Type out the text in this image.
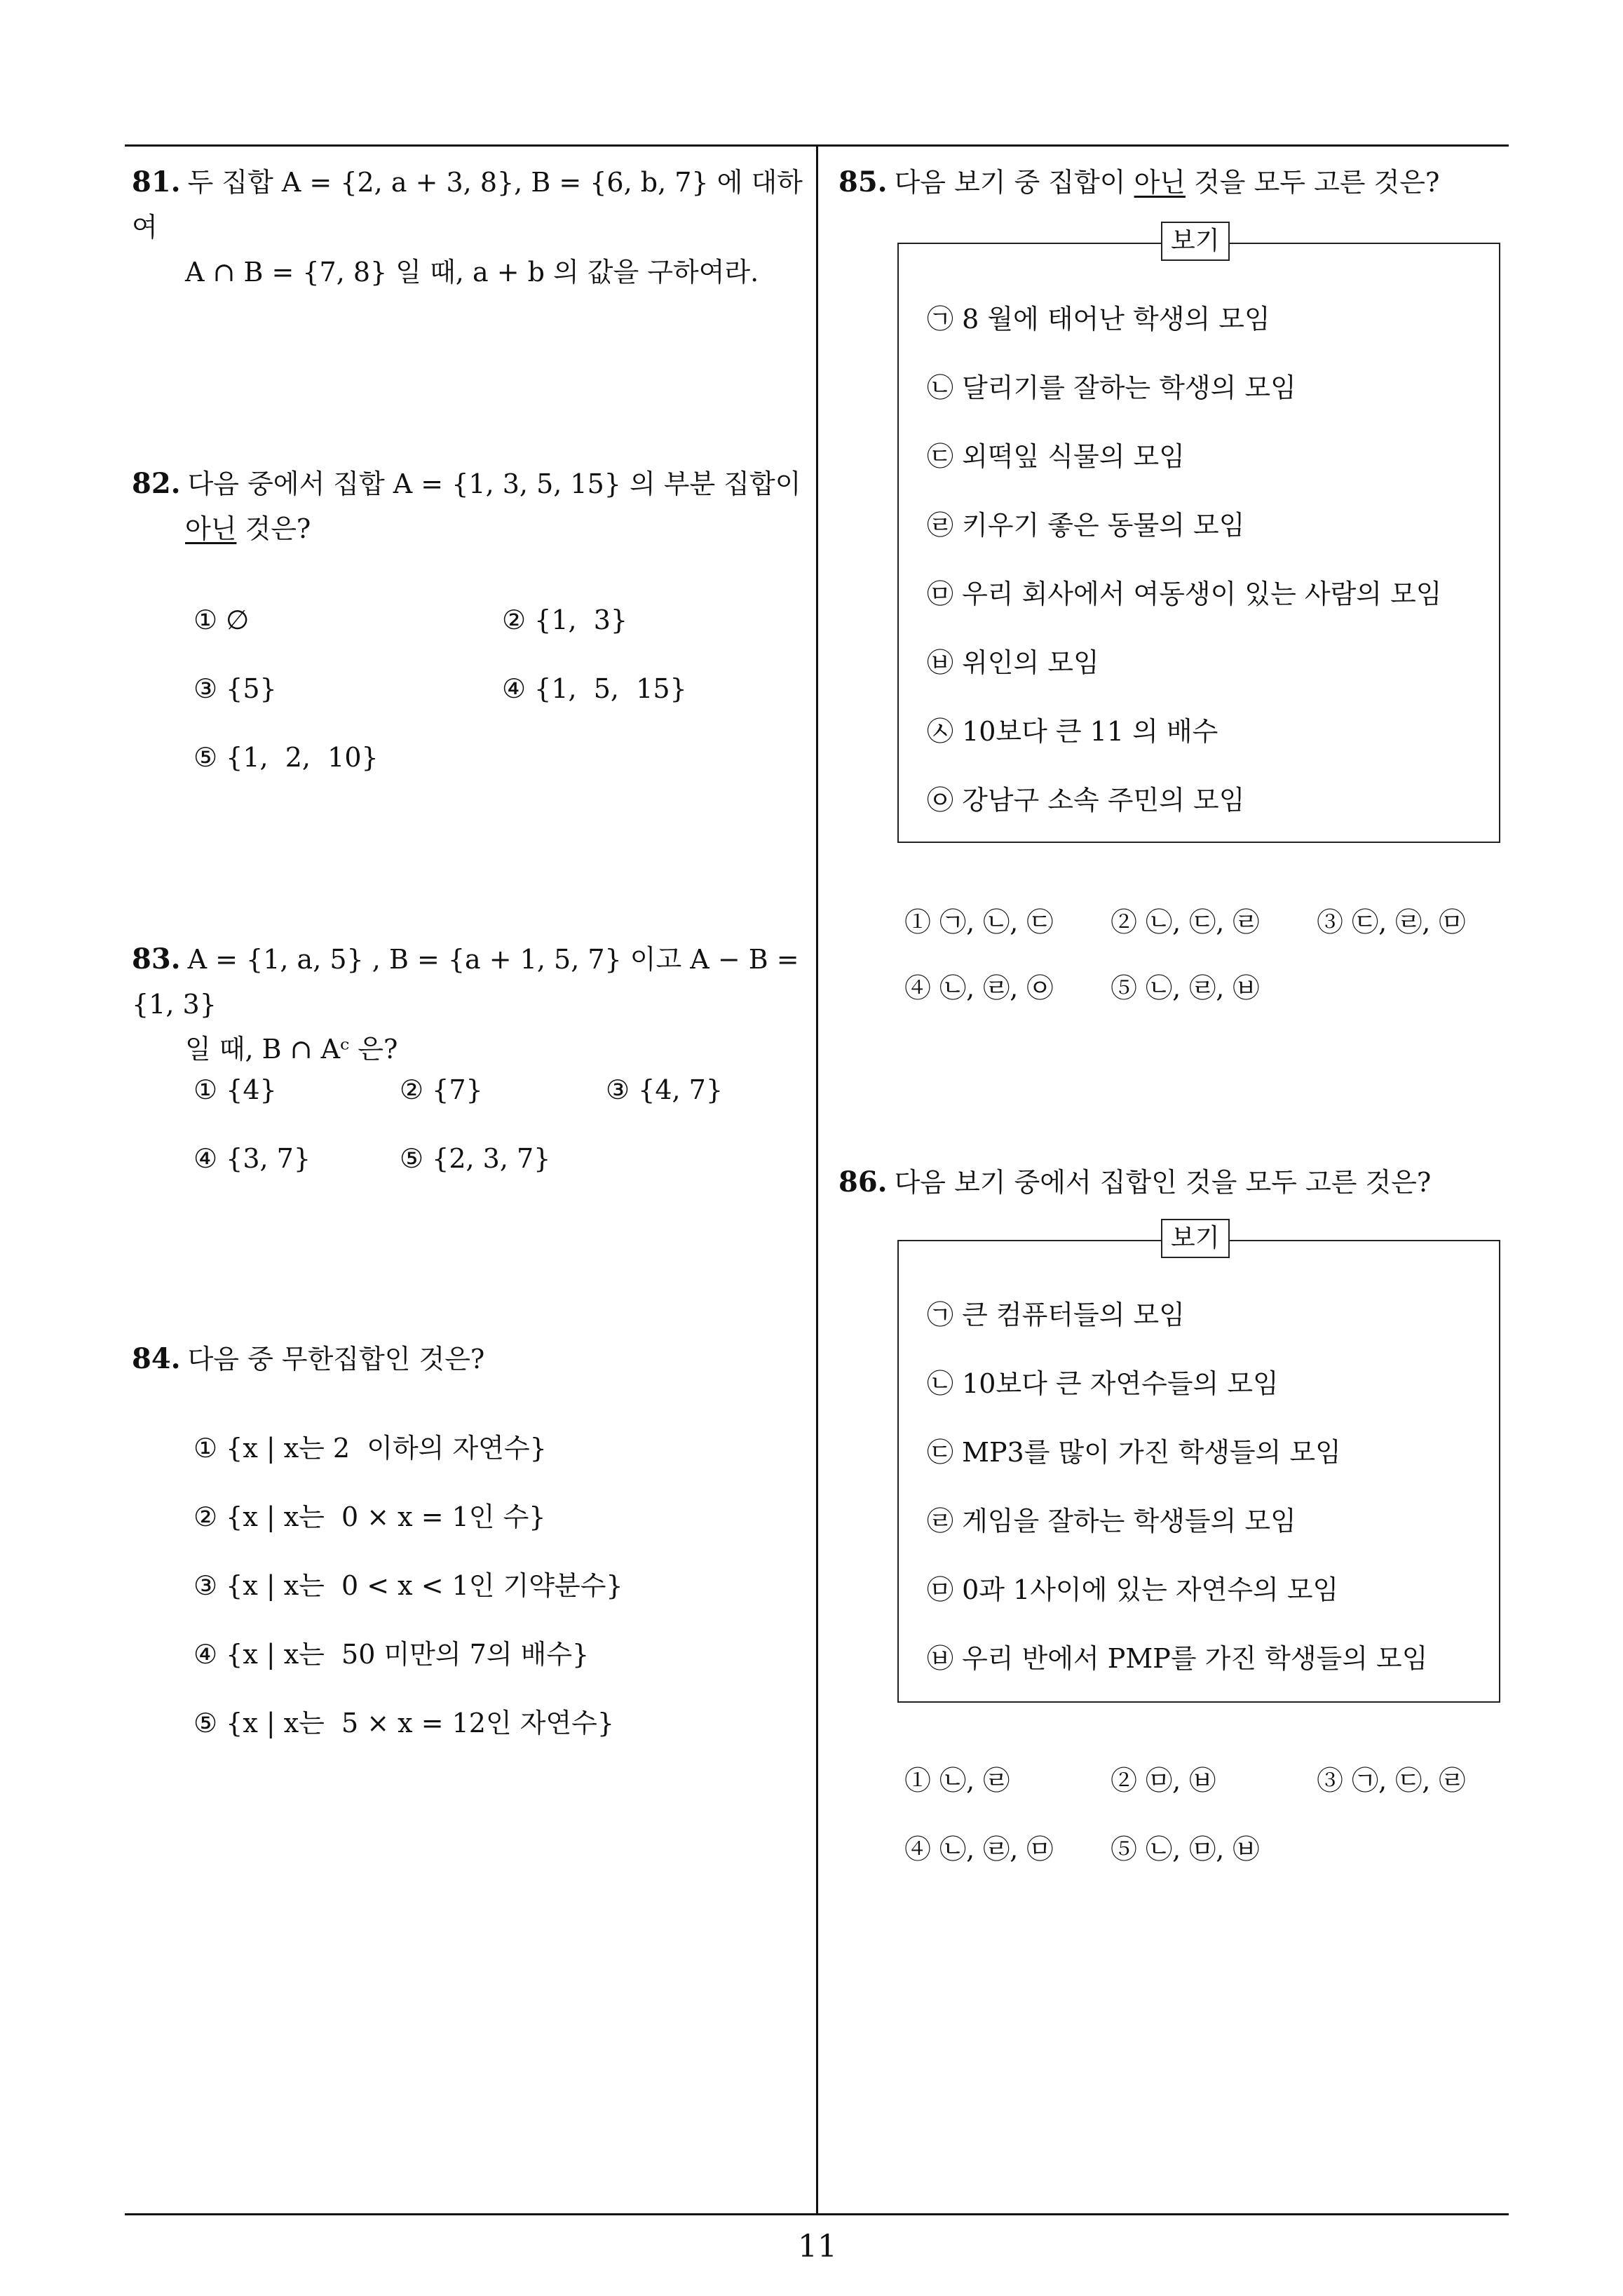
81. 두 집합 A = {2, a + 3, 8}, B = {6, b, 7} 에 대하여
A ∩ B = {7, 8} 일 때, a + b 의 값을 구하여라.
82. 다음 중에서 집합 A = {1, 3, 5, 15} 의 부분 집합이
아닌 것은?
① ∅	② {1,  3}
③ {5}	④ {1,  5,  15}
⑤ {1,  2,  10}
83. A = {1, a, 5} , B = {a + 1, 5, 7} 이고 A − B = {1, 3}
일 때, B ∩ Aᶜ 은?
① {4}	② {7}	③ {4, 7}
④ {3, 7}	⑤ {2, 3, 7}
84. 다음 중 무한집합인 것은?
① {x | x는 2  이하의 자연수}
② {x | x는  0 × x = 1인 수}
③ {x | x는  0 < x < 1인 기약분수}
④ {x | x는  50 미만의 7의 배수}
⑤ {x | x는  5 × x = 12인 자연수}
85. 다음 보기 중 집합이 아닌 것을 모두 고른 것은?
보기
㉠ 8 월에 태어난 학생의 모임
㉡ 달리기를 잘하는 학생의 모임
㉢ 외떡잎 식물의 모임
㉣ 키우기 좋은 동물의 모임
㉤ 우리 회사에서 여동생이 있는 사람의 모임
㉥ 위인의 모임
㉦ 10보다 큰 11 의 배수
㉧ 강남구 소속 주민의 모임
① ㉠, ㉡, ㉢ ② ㉡, ㉢, ㉣ ③ ㉢, ㉣, ㉤
④ ㉡, ㉣, ㉧ ⑤ ㉡, ㉣, ㉥
86. 다음 보기 중에서 집합인 것을 모두 고른 것은?
보기
㉠ 큰 컴퓨터들의 모임
㉡ 10보다 큰 자연수들의 모임
㉢ MP3를 많이 가진 학생들의 모임
㉣ 게임을 잘하는 학생들의 모임
㉤ 0과 1사이에 있는 자연수의 모임
㉥ 우리 반에서 PMP를 가진 학생들의 모임
① ㉡, ㉣	② ㉤, ㉥	③ ㉠, ㉢, ㉣
④ ㉡, ㉣, ㉤ ⑤ ㉡, ㉤, ㉥
11
